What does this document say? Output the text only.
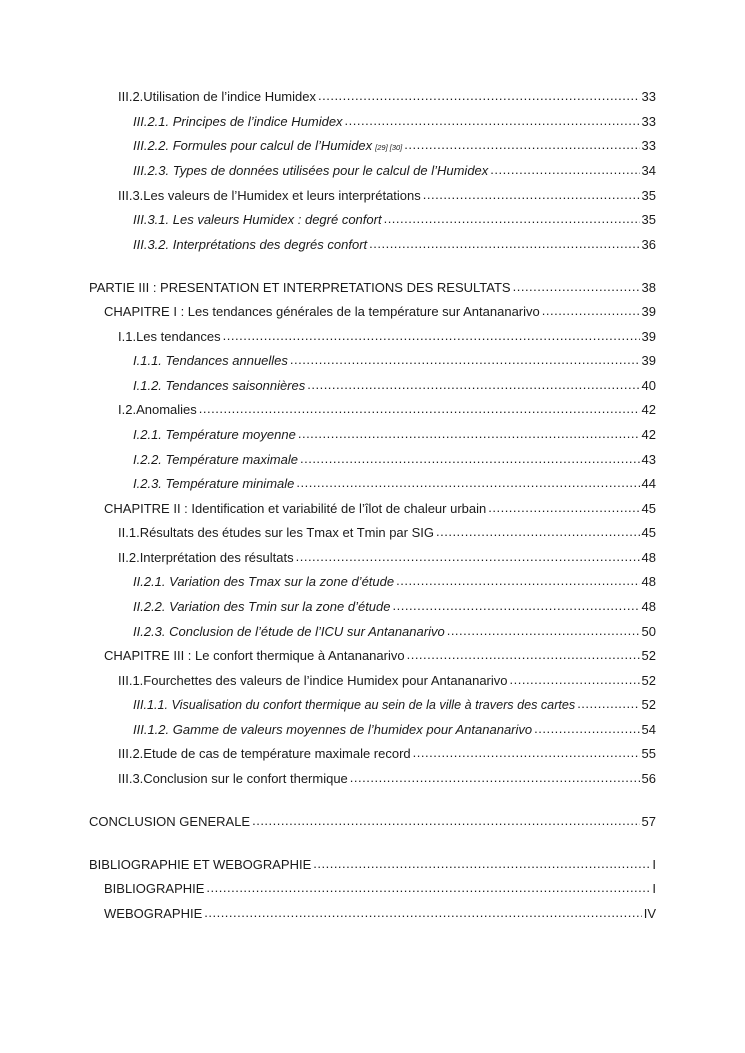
III.2. Utilisation de l’indice Humidex .....	33
III.2.1. Principes de l’indice Humidex .....	33
III.2.2. Formules pour calcul de l’Humidex [29] [30] .....	33
III.2.3. Types de données utilisées pour le calcul de l’Humidex .....	34
III.3. Les valeurs de l’Humidex et leurs interprétations .....	35
III.3.1. Les valeurs Humidex : degré confort .....	35
III.3.2. Interprétations des degrés confort .....	36
PARTIE III : PRESENTATION ET INTERPRETATIONS DES RESULTATS .....	38
CHAPITRE I : Les tendances générales de la température sur Antananarivo .....	39
I.1. Les tendances .....	39
I.1.1. Tendances annuelles .....	39
I.1.2. Tendances saisonnières .....	40
I.2. Anomalies .....	42
I.2.1. Température moyenne .....	42
I.2.2. Température maximale .....	43
I.2.3. Température minimale .....	44
CHAPITRE II : Identification et variabilité de l’îlot de chaleur urbain .....	45
II.1. Résultats des études sur les Tmax et Tmin par SIG .....	45
II.2. Interprétation des résultats .....	48
II.2.1. Variation des Tmax sur la zone d’étude .....	48
II.2.2. Variation des Tmin sur la zone d’étude .....	48
II.2.3. Conclusion de l’étude de l’ICU sur Antananarivo .....	50
CHAPITRE III : Le confort thermique à Antananarivo .....	52
III.1. Fourchettes des valeurs de l’indice Humidex pour Antananarivo .....	52
III.1.1. Visualisation du confort thermique au sein de la ville à travers des cartes .....	52
III.1.2. Gamme de valeurs moyennes de l’humidex pour Antananarivo .....	54
III.2. Etude de cas de température maximale record .....	55
III.3. Conclusion sur le confort thermique .....	56
CONCLUSION GENERALE .....	57
BIBLIOGRAPHIE ET WEBOGRAPHIE .....	I
BIBLIOGRAPHIE .....	I
WEBOGRAPHIE .....	IV
